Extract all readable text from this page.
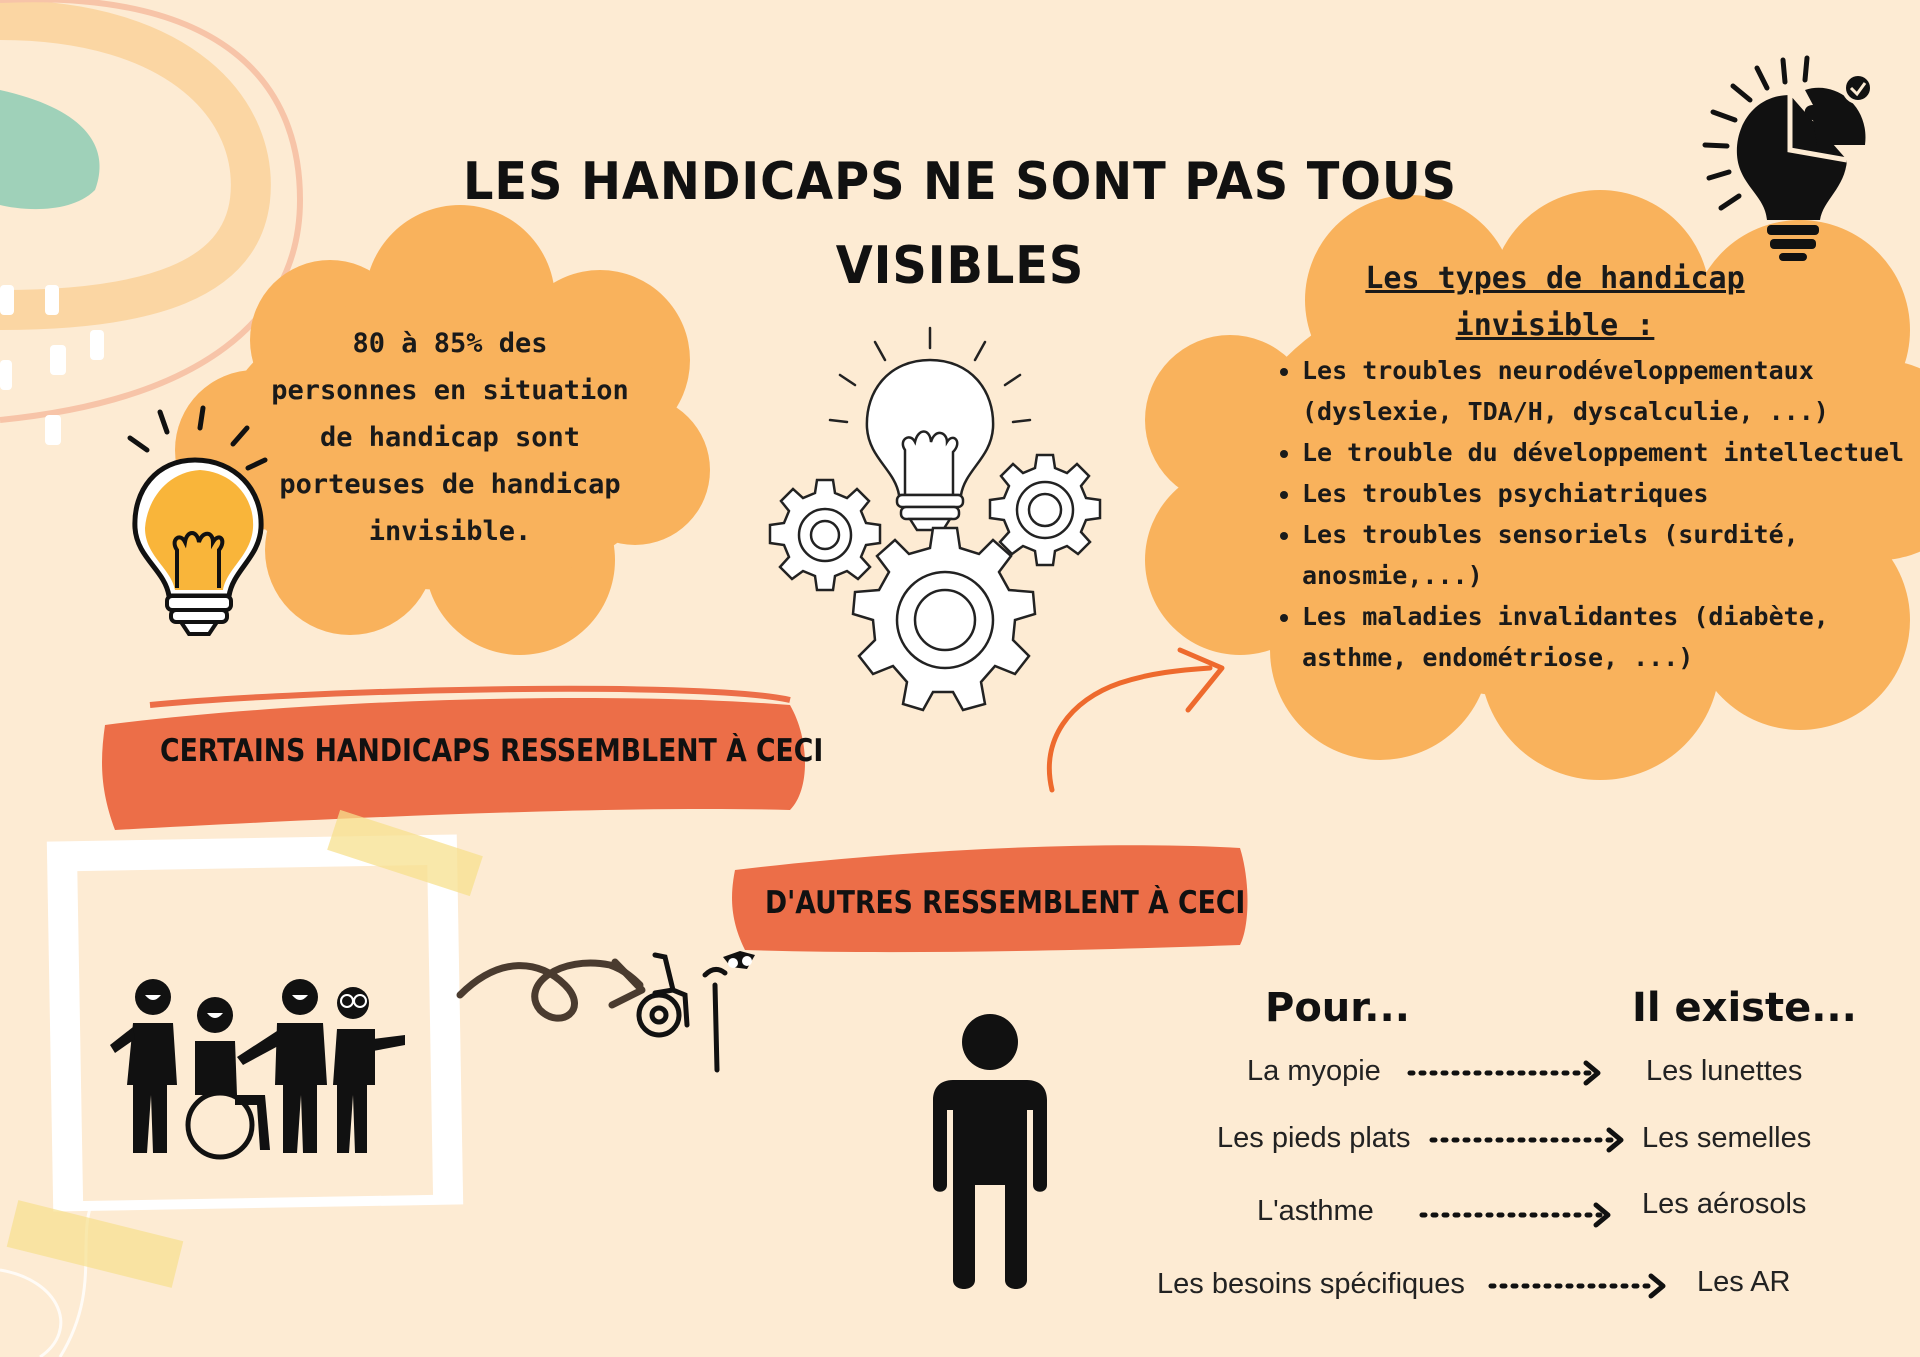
LES HANDICAPS NE SONT PAS TOUS
VISIBLES
80 à 85% des
personnes en situation
de handicap sont
porteuses de handicap
invisible.
Les types de handicap
invisible :
• Les troubles neurodéveloppementaux (dyslexie, TDA/H, dyscalculie, ...)
• Le trouble du développement intellectuel
• Les troubles psychiatriques
• Les troubles sensoriels (surdité, anosmie,...)
• Les maladies invalidantes (diabète, asthme, endométriose, ...)
CERTAINS HANDICAPS RESSEMBLENT À CECI
D'AUTRES RESSEMBLENT À CECI
Pour...	Il existe...
La myopie	Les lunettes
Les pieds plats	Les semelles
L'asthme	Les aérosols
Les besoins spécifiques	Les AR
